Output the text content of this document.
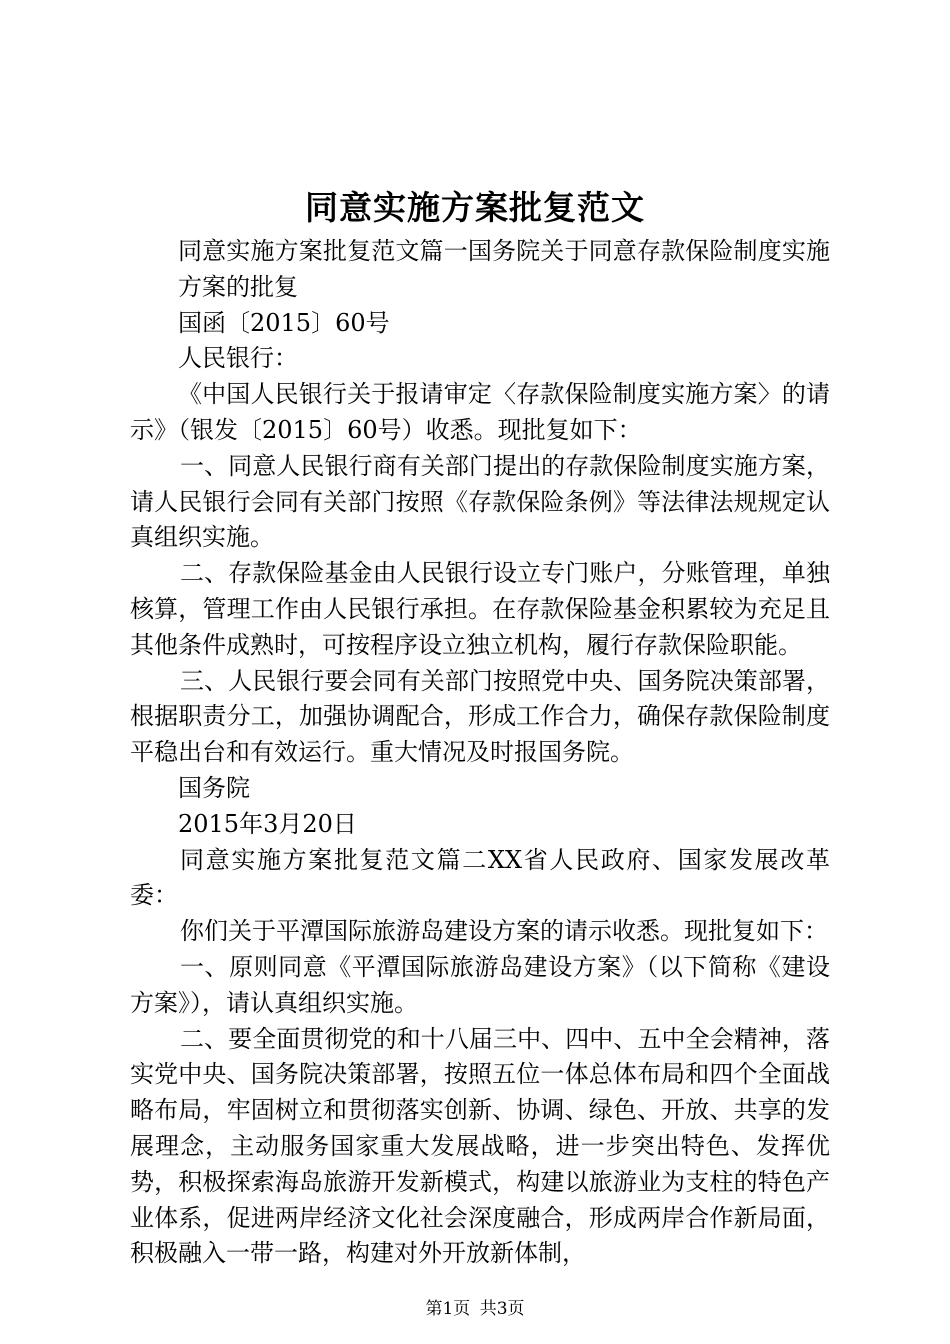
同意实施方案批复范文

同意实施方案批复范文篇一国务院关于同意存款保险制度实施方案的批复

国函〔2015〕60号

人民银行：

《中国人民银行关于报请审定〈存款保险制度实施方案〉的请示》（银发〔2015〕60号）收悉。现批复如下：

一、同意人民银行商有关部门提出的存款保险制度实施方案，请人民银行会同有关部门按照《存款保险条例》等法律法规规定认真组织实施。

二、存款保险基金由人民银行设立专门账户，分账管理，单独核算，管理工作由人民银行承担。在存款保险基金积累较为充足且其他条件成熟时，可按程序设立独立机构，履行存款保险职能。

三、人民银行要会同有关部门按照党中央、国务院决策部署，根据职责分工，加强协调配合，形成工作合力，确保存款保险制度平稳出台和有效运行。重大情况及时报国务院。

国务院

2015年3月20日

同意实施方案批复范文篇二XX省人民政府、国家发展改革委：

你们关于平潭国际旅游岛建设方案的请示收悉。现批复如下：

一、原则同意《平潭国际旅游岛建设方案》（以下简称《建设方案》），请认真组织实施。

二、要全面贯彻党的和十八届三中、四中、五中全会精神，落实党中央、国务院决策部署，按照五位一体总体布局和四个全面战略布局，牢固树立和贯彻落实创新、协调、绿色、开放、共享的发展理念，主动服务国家重大发展战略，进一步突出特色、发挥优势，积极探索海岛旅游开发新模式，构建以旅游业为支柱的特色产业体系，促进两岸经济文化社会深度融合，形成两岸合作新局面，积极融入一带一路，构建对外开放新体制，

第1页 共3页
